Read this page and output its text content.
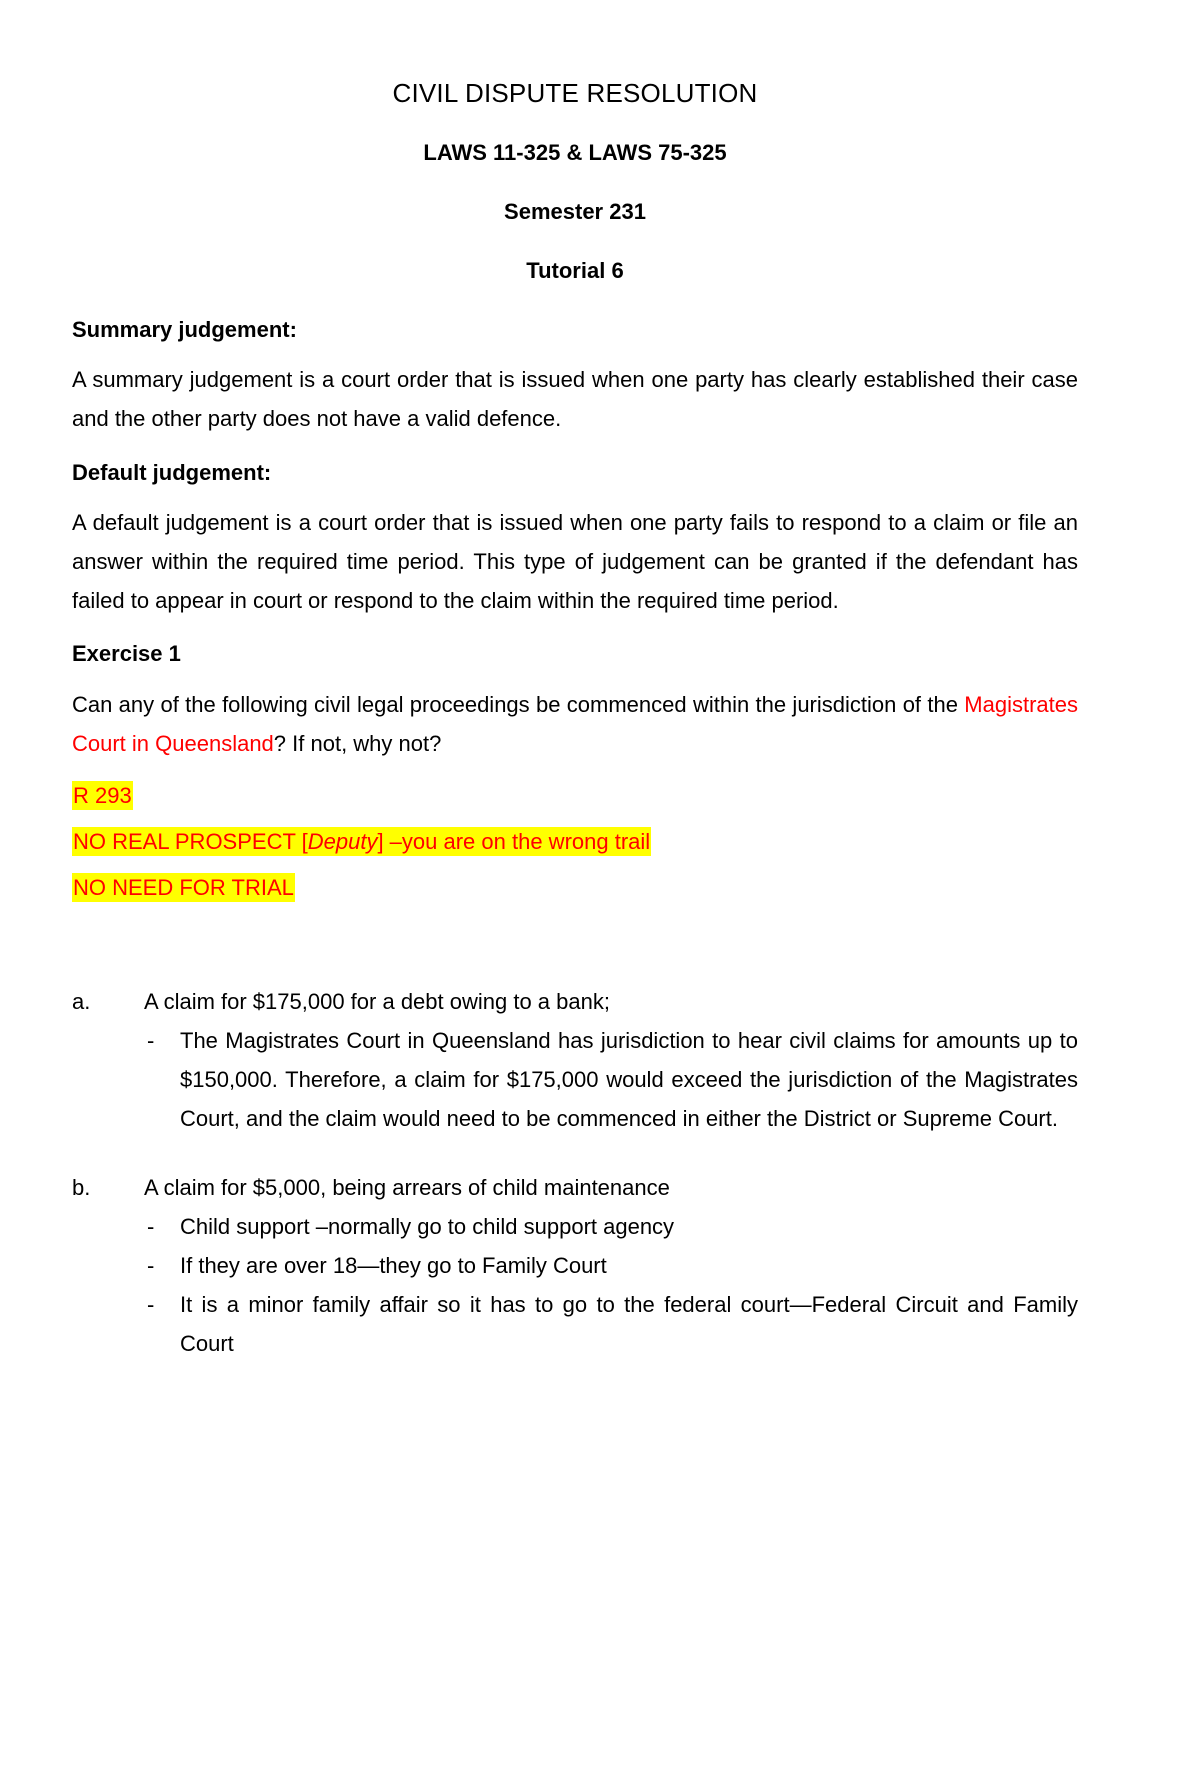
CIVIL DISPUTE RESOLUTION
LAWS 11-325 & LAWS 75-325
Semester 231
Tutorial 6
Summary judgement:

A summary judgement is a court order that is issued when one party has clearly established their case and the other party does not have a valid defence.

Default judgement:

A default judgement is a court order that is issued when one party fails to respond to a claim or file an answer within the required time period. This type of judgement can be granted if the defendant has failed to appear in court or respond to the claim within the required time period.

Exercise 1

Can any of the following civil legal proceedings be commenced within the jurisdiction of the Magistrates Court in Queensland? If not, why not?

R 293
NO REAL PROSPECT [Deputy] –you are on the wrong trail
NO NEED FOR TRIAL
a.	A claim for $175,000 for a debt owing to a bank;
- The Magistrates Court in Queensland has jurisdiction to hear civil claims for amounts up to $150,000. Therefore, a claim for $175,000 would exceed the jurisdiction of the Magistrates Court, and the claim would need to be commenced in either the District or Supreme Court.
b.	A claim for $5,000, being arrears of child maintenance
- Child support –normally go to child support agency
- If they are over 18—they go to Family Court
- It is a minor family affair so it has to go to the federal court—Federal Circuit and Family Court
